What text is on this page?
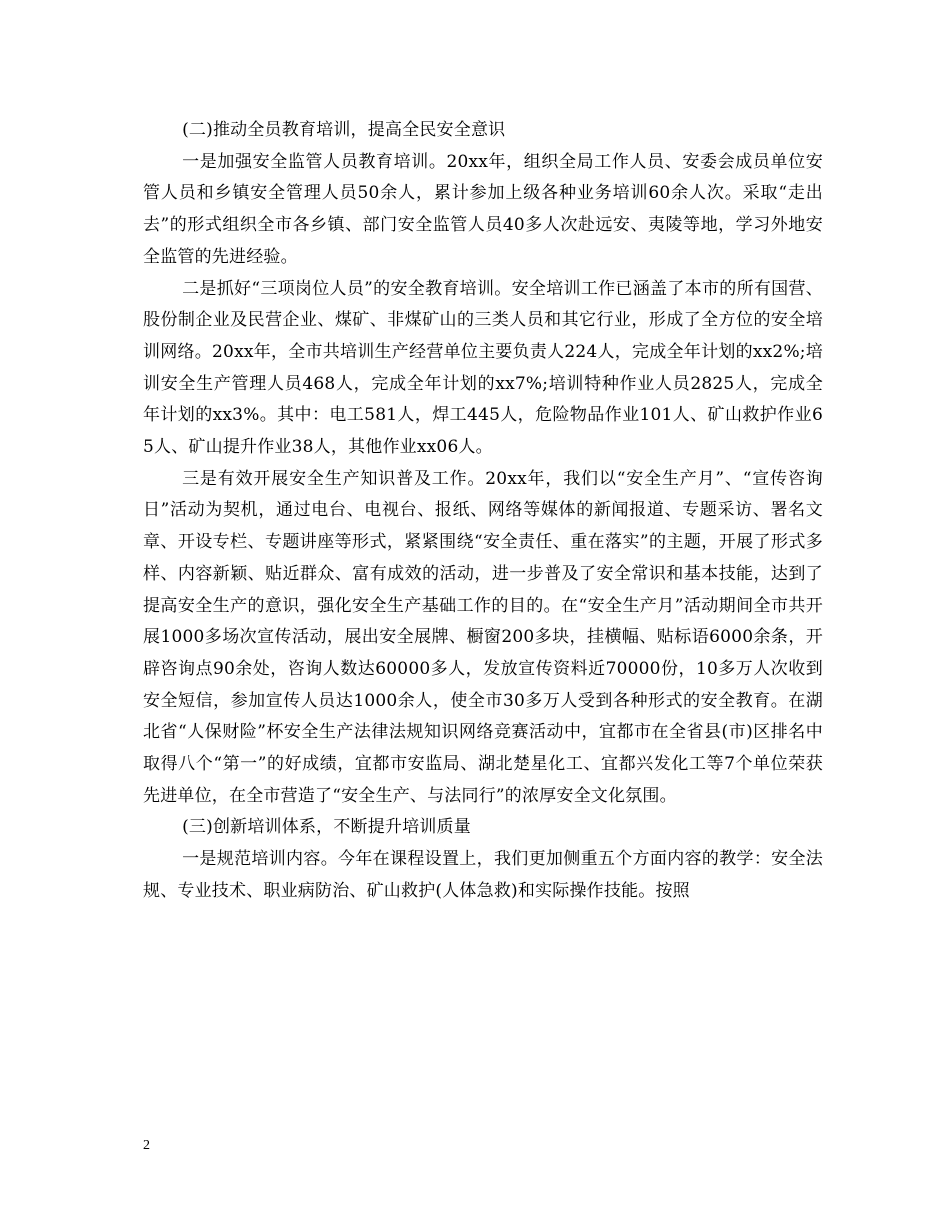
(二)推动全员教育培训，提高全民安全意识

一是加强安全监管人员教育培训。20xx年，组织全局工作人员、安委会成员单位安管人员和乡镇安全管理人员50余人，累计参加上级各种业务培训60余人次。采取“走出去”的形式组织全市各乡镇、部门安全监管人员40多人次赴远安、夷陵等地，学习外地安全监管的先进经验。

二是抓好“三项岗位人员”的安全教育培训。安全培训工作已涵盖了本市的所有国营、股份制企业及民营企业、煤矿、非煤矿山的三类人员和其它行业，形成了全方位的安全培训网络。20xx年，全市共培训生产经营单位主要负责人224人，完成全年计划的xx2%;培训安全生产管理人员468人，完成全年计划的xx7%;培训特种作业人员2825人，完成全年计划的xx3%。其中：电工581人，焊工445人，危险物品作业101人、矿山救护作业65人、矿山提升作业38人，其他作业xx06人。

三是有效开展安全生产知识普及工作。20xx年，我们以“安全生产月”、“宣传咨询日”活动为契机，通过电台、电视台、报纸、网络等媒体的新闻报道、专题采访、署名文章、开设专栏、专题讲座等形式，紧紧围绕“安全责任、重在落实”的主题，开展了形式多样、内容新颖、贴近群众、富有成效的活动，进一步普及了安全常识和基本技能，达到了提高安全生产的意识，强化安全生产基础工作的目的。在“安全生产月”活动期间全市共开展1000多场次宣传活动，展出安全展牌、橱窗200多块，挂横幅、贴标语6000余条，开辟咨询点90余处，咨询人数达60000多人，发放宣传资料近70000份，10多万人次收到安全短信，参加宣传人员达1000余人，使全市30多万人受到各种形式的安全教育。在湖北省“人保财险”杯安全生产法律法规知识网络竞赛活动中，宜都市在全省县(市)区排名中取得八个“第一”的好成绩，宜都市安监局、湖北楚星化工、宜都兴发化工等7个单位荣获先进单位，在全市营造了“安全生产、与法同行”的浓厚安全文化氛围。

(三)创新培训体系，不断提升培训质量

一是规范培训内容。今年在课程设置上，我们更加侧重五个方面内容的教学：安全法规、专业技术、职业病防治、矿山救护(人体急救)和实际操作技能。按照

2
